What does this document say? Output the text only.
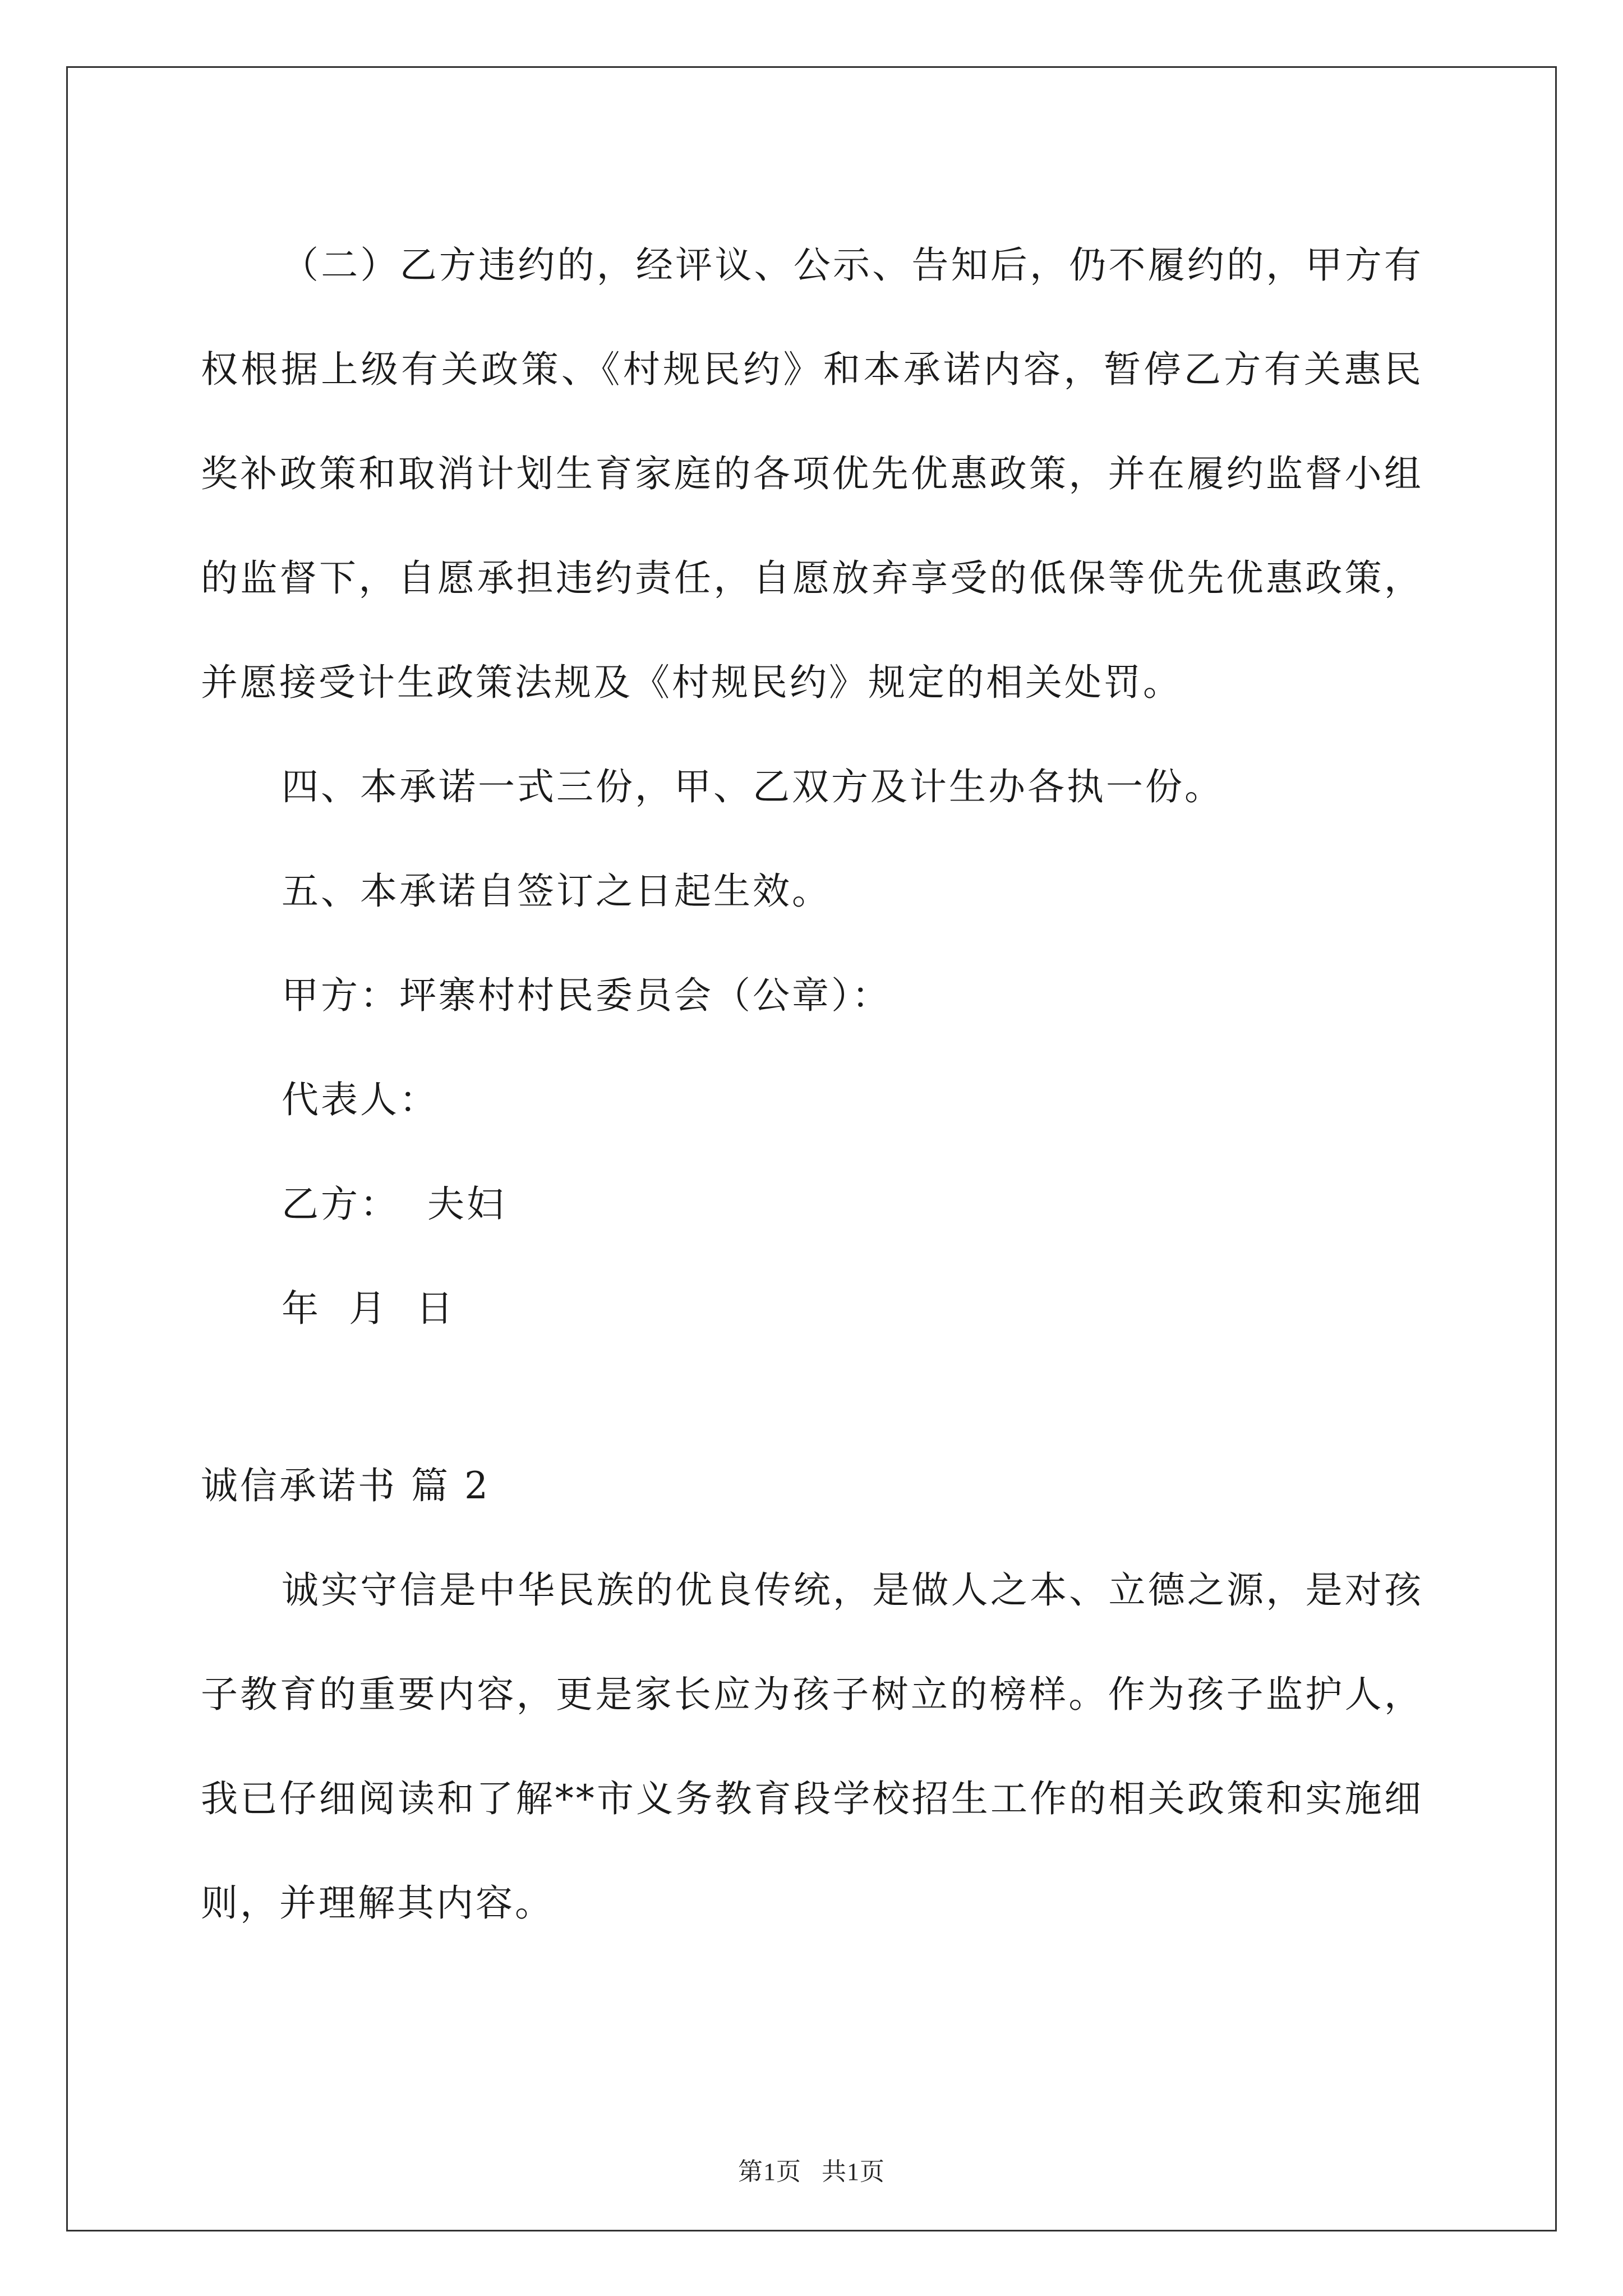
（二）乙方违约的，经评议、公示、告知后，仍不履约的，甲方有权根据上级有关政策、《村规民约》和本承诺内容，暂停乙方有关惠民奖补政策和取消计划生育家庭的各项优先优惠政策，并在履约监督小组的监督下，自愿承担违约责任，自愿放弃享受的低保等优先优惠政策，并愿接受计生政策法规及《村规民约》规定的相关处罚。

四、本承诺一式三份，甲、乙双方及计生办各执一份。

五、本承诺自签订之日起生效。

甲方：坪寨村村民委员会（公章）：

代表人：

乙方：  夫妇

年  月  日

诚信承诺书 篇 2

诚实守信是中华民族的优良传统，是做人之本、立德之源，是对孩子教育的重要内容，更是家长应为孩子树立的榜样。作为孩子监护人，我已仔细阅读和了解**市义务教育段学校招生工作的相关政策和实施细则，并理解其内容。

第1页   共1页
